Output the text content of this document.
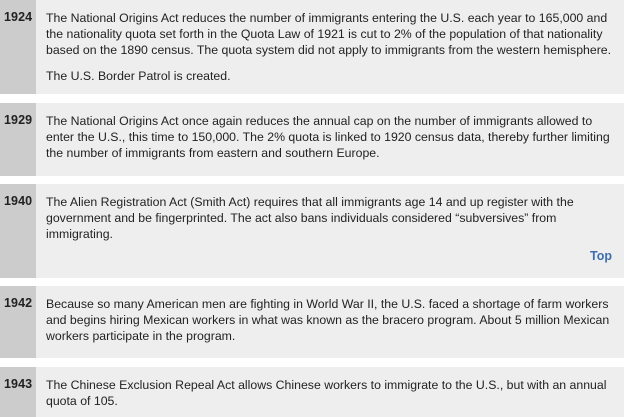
1924 The National Origins Act reduces the number of immigrants entering the U.S. each year to 165,000 and the nationality quota set forth in the Quota Law of 1921 is cut to 2% of the population of that nationality based on the 1890 census. The quota system did not apply to immigrants from the western hemisphere.

The U.S. Border Patrol is created.

1929 The National Origins Act once again reduces the annual cap on the number of immigrants allowed to enter the U.S., this time to 150,000. The 2% quota is linked to 1920 census data, thereby further limiting the number of immigrants from eastern and southern Europe.

1940 The Alien Registration Act (Smith Act) requires that all immigrants age 14 and up register with the government and be fingerprinted. The act also bans individuals considered “subversives” from immigrating.

Top
1942 Because so many American men are fighting in World War II, the U.S. faced a shortage of farm workers and begins hiring Mexican workers in what was known as the bracero program. About 5 million Mexican workers participate in the program.

1943 The Chinese Exclusion Repeal Act allows Chinese workers to immigrate to the U.S., but with an annual quota of 105.
